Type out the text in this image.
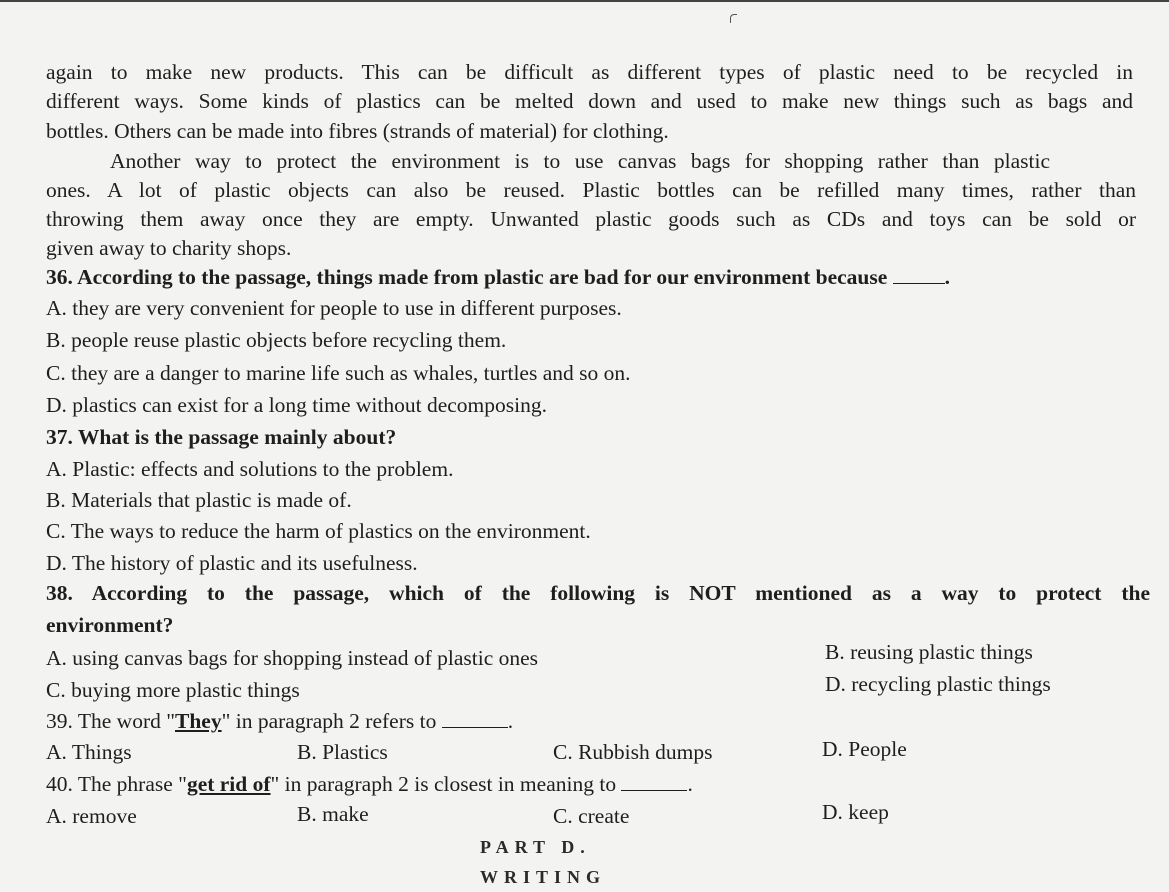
again to make new products. This can be difficult as different types of plastic need to be recycled in
different ways. Some kinds of plastics can be melted down and used to make new things such as bags and
bottles. Others can be made into fibres (strands of material) for clothing.
Another way to protect the environment is to use canvas bags for shopping rather than plastic
ones. A lot of plastic objects can also be reused. Plastic bottles can be refilled many times, rather than
throwing them away once they are empty. Unwanted plastic goods such as CDs and toys can be sold or
given away to charity shops.
36. According to the passage, things made from plastic are bad for our environment because	.
A. they are very convenient for people to use in different purposes.
B. people reuse plastic objects before recycling them.
C. they are a danger to marine life such as whales, turtles and so on.
D. plastics can exist for a long time without decomposing.
37. What is the passage mainly about?
A. Plastic: effects and solutions to the problem.
B. Materials that plastic is made of.
C. The ways to reduce the harm of plastics on the environment.
D. The history of plastic and its usefulness.
38. According to the passage, which of the following is NOT mentioned as a way to protect the
environment?
A. using canvas bags for shopping instead of plastic ones	B. reusing plastic things
C. buying more plastic things	D. recycling plastic things
39. The word "They" in paragraph 2 refers to	.
A. Things	B. Plastics	C. Rubbish dumps	D. People
40. The phrase "get rid of" in paragraph 2 is closest in meaning to	.
A. remove	B. make	C. create	D. keep
PART D. WRITING
